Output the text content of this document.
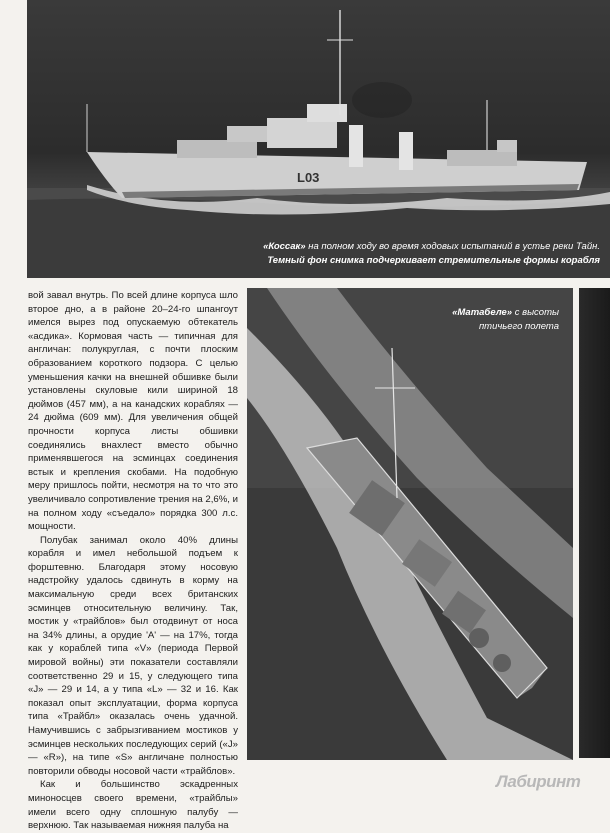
L03
«Коссак» на полном ходу во время ходовых испытаний в устье реки Тайн.
Темный фон снимка подчеркивает стремительные формы корабля

вой завал внутрь. По всей длине корпуса шло второе дно, а в районе 20–24-го шпангоут имелся вырез под опускаемую обтекатель «асдика». Кормовая часть — типичная для англичан: полукруглая, с почти плоским образованием короткого подзора. С целью уменьшения качки на внешней обшивке были установлены скуловые кили шириной 18 дюймов (457 мм), а на канадских кораблях — 24 дюйма (609 мм). Для увеличения общей прочности корпуса листы обшивки соединялись внахлест вместо обычно применявшегося на эсминцах соединения встык и крепления скобами. На подобную меру пришлось пойти, несмотря на то что это увеличивало сопротивление трения на 2,6%, и на полном ходу «съедало» порядка 300 л.с. мощности.

Полубак занимал около 40% длины корабля и имел небольшой подъем к форштевню. Благодаря этому носовую надстройку удалось сдвинуть в корму на максимальную среди всех британских эсминцев относительную величину. Так, мостик у «трайблов» был отодвинут от носа на 34% длины, а орудие 'A' — на 17%, тогда как у кораблей типа «V» (периода Первой мировой войны) эти показатели составляли соответственно 29 и 15, у следующего типа «J» — 29 и 14, а у типа «L» — 32 и 16. Как показал опыт эксплуатации, форма корпуса типа «Трайбл» оказалась очень удачной. Намучившись с забрызгиванием мостиков у эсминцев нескольких последующих серий («J» — «R»), на типе «S» англичане полностью повторили обводы носовой части «трайблов».

Как и большинство эскадренных миноносцев своего времени, «трайблы» имели всего одну сплошную палубу — верхнюю. Так называемая нижняя палуба на

«Матабеле» с высоты птичьего полета
Лабиринт
